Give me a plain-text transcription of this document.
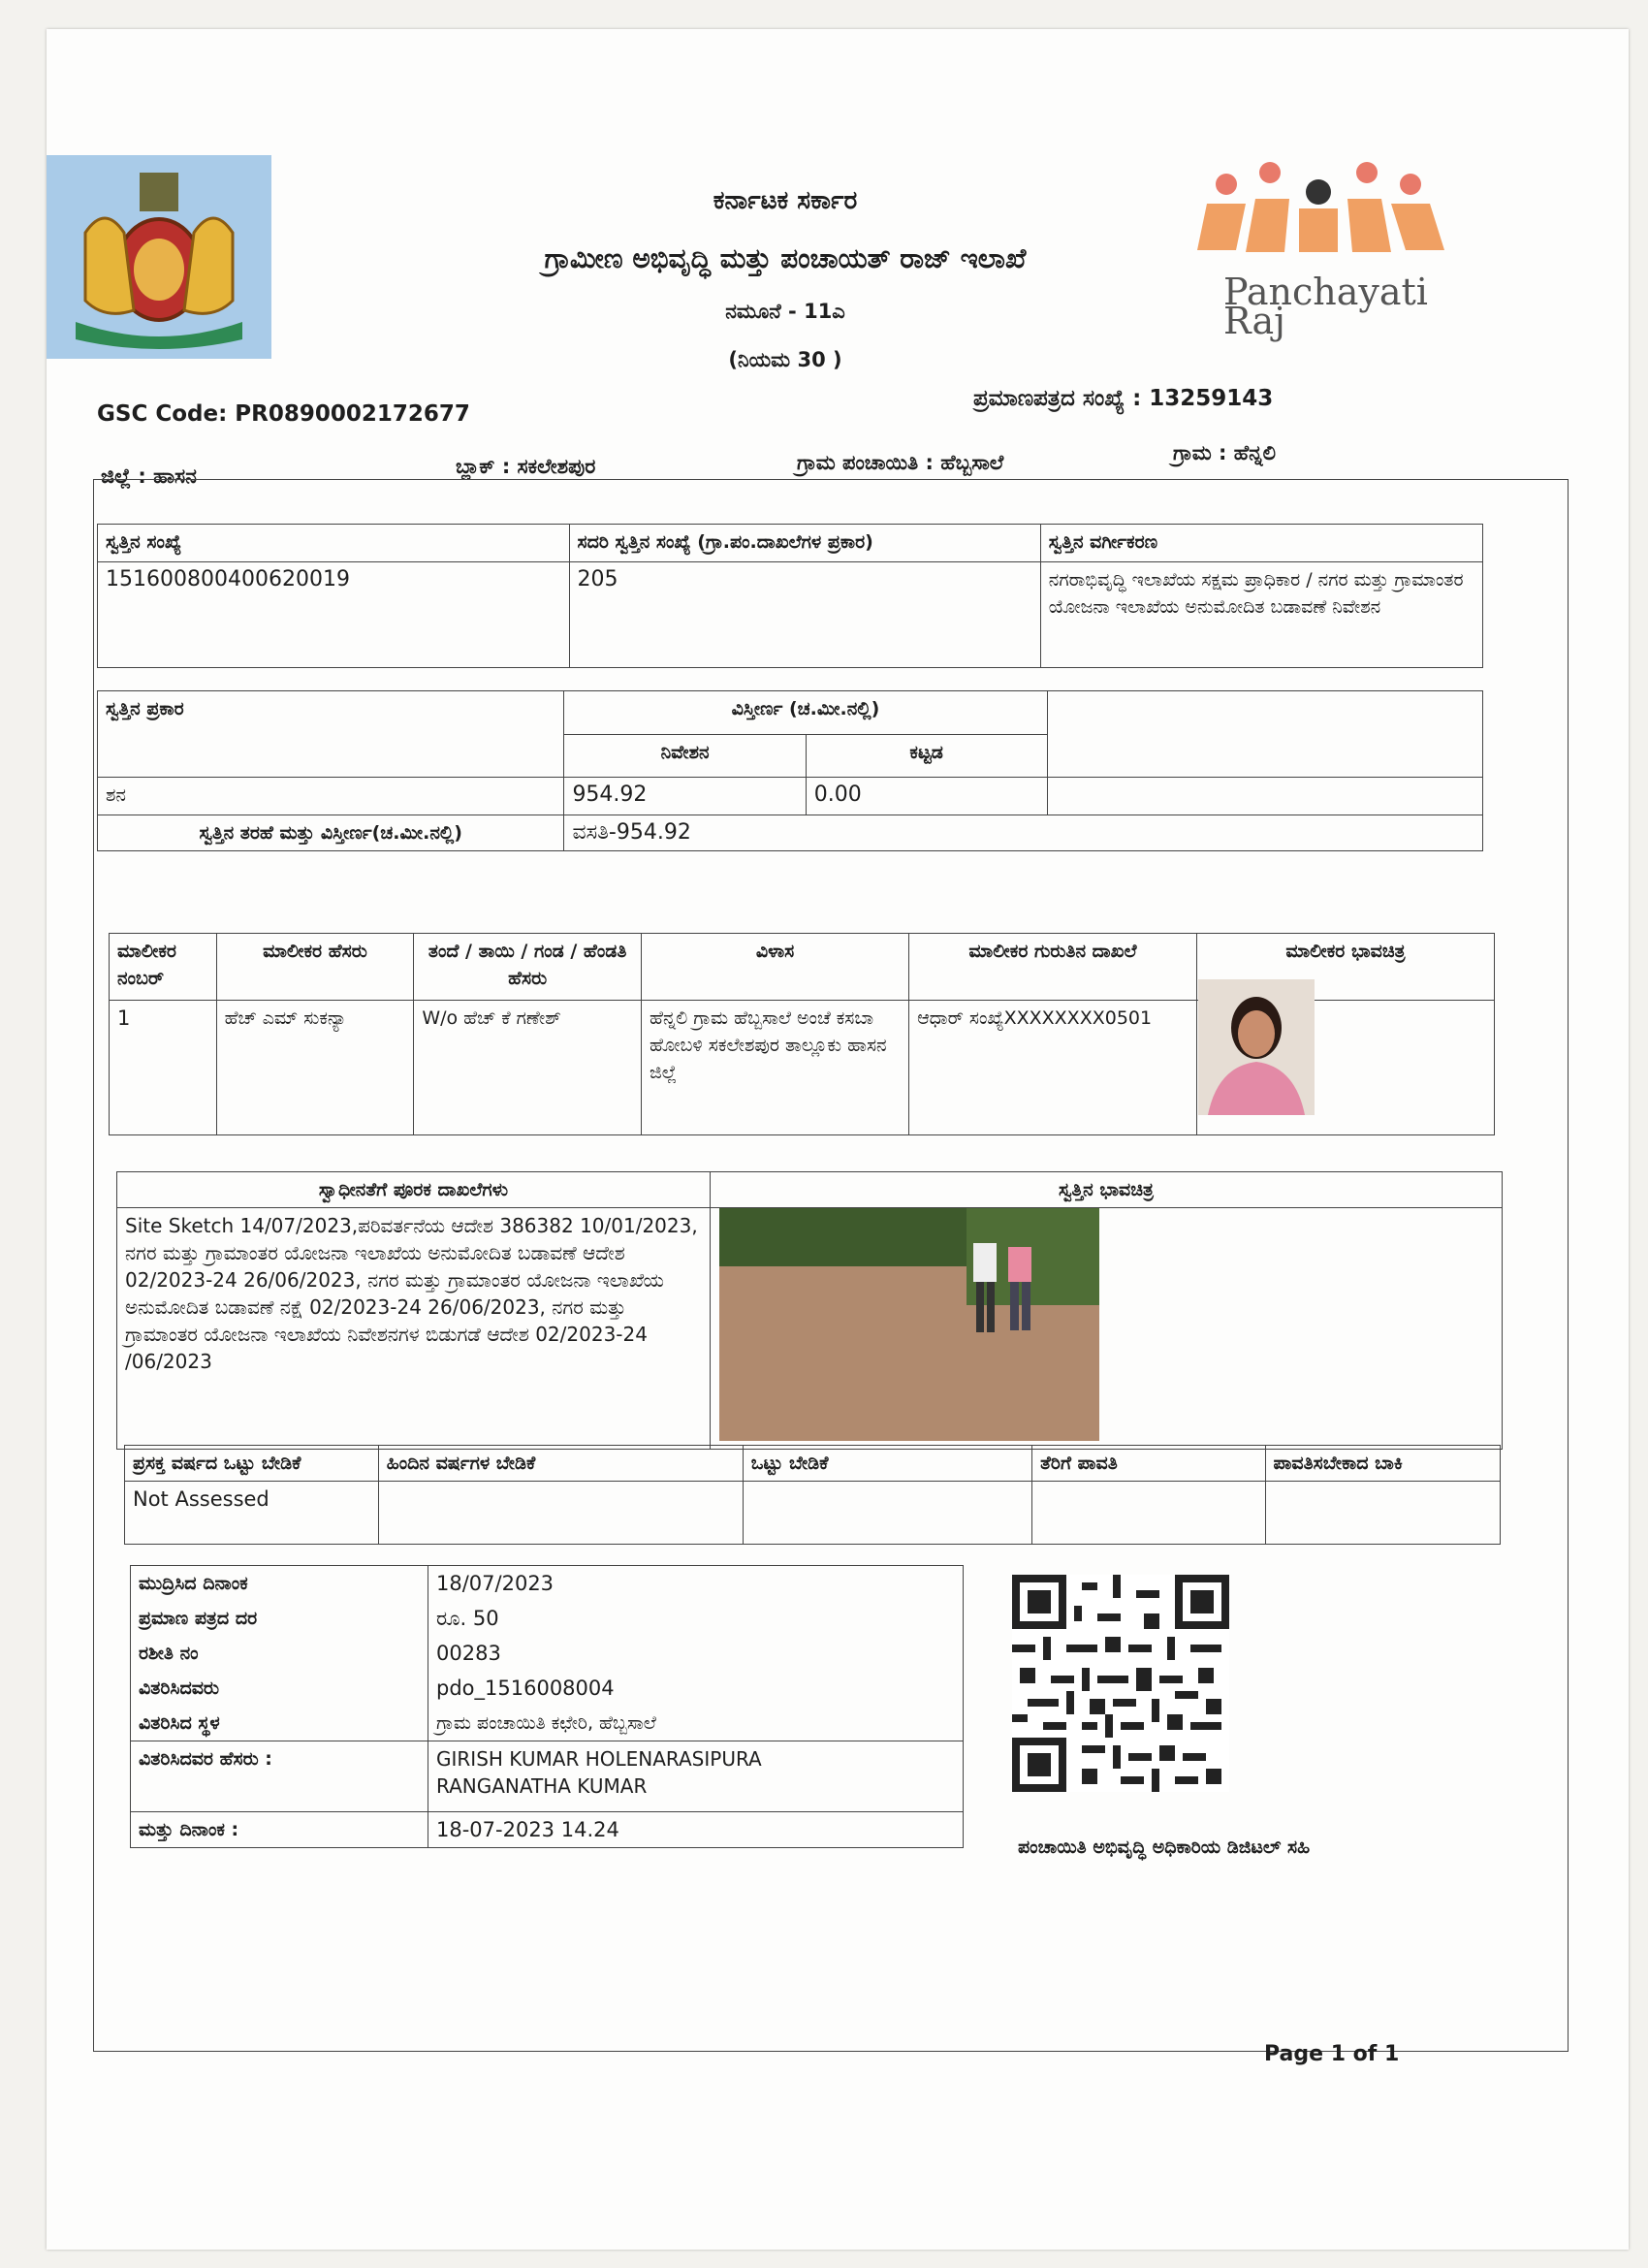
ಕರ್ನಾಟಕ ಸರ್ಕಾರ
ಗ್ರಾಮೀಣ ಅಭಿವೃದ್ಧಿ ಮತ್ತು ಪಂಚಾಯತ್ ರಾಜ್ ಇಲಾಖೆ
ನಮೂನೆ - 11ಎ
(ನಿಯಮ 30 )
Panchayati Raj
GSC Code: PR0890002172677
ಪ್ರಮಾಣಪತ್ರದ ಸಂಖ್ಯೆ : 13259143
ಜಿಲ್ಲೆ : ಹಾಸನ	ಬ್ಲಾಕ್ : ಸಕಲೇಶಪುರ	ಗ್ರಾಮ ಪಂಚಾಯಿತಿ : ಹೆಬ್ಬಸಾಲೆ	ಗ್ರಾಮ : ಹೆನ್ನಲಿ
ಸ್ವತ್ತಿನ ಸಂಖ್ಯೆ	ಸದರಿ ಸ್ವತ್ತಿನ ಸಂಖ್ಯೆ (ಗ್ರಾ.ಪಂ.ದಾಖಲೆಗಳ ಪ್ರಕಾರ)	ಸ್ವತ್ತಿನ ವರ್ಗೀಕರಣ
151600800400620019	205	ನಗರಾಭಿವೃದ್ಧಿ ಇಲಾಖೆಯ ಸಕ್ಷಮ ಪ್ರಾಧಿಕಾರ / ನಗರ ಮತ್ತು ಗ್ರಾಮಾಂತರ ಯೋಜನಾ ಇಲಾಖೆಯ ಅನುಮೋದಿತ ಬಡಾವಣೆ ನಿವೇಶನ
ಸ್ವತ್ತಿನ ಪ್ರಕಾರ	ವಿಸ್ತೀರ್ಣ (ಚ.ಮೀ.ನಲ್ಲಿ)		
	ನಿವೇಶನ	ಕಟ್ಟಡ	
ಶನ	954.92	0.00	
ಸ್ವತ್ತಿನ ತರಹೆ ಮತ್ತು ವಿಸ್ತೀರ್ಣ(ಚ.ಮೀ.ನಲ್ಲಿ)	ವಸತಿ-954.92		
ಮಾಲೀಕರ ನಂಬರ್	ಮಾಲೀಕರ ಹೆಸರು	ತಂದೆ / ತಾಯಿ / ಗಂಡ / ಹೆಂಡತಿ ಹೆಸರು	ವಿಳಾಸ	ಮಾಲೀಕರ ಗುರುತಿನ ದಾಖಲೆ	ಮಾಲೀಕರ ಭಾವಚಿತ್ರ
1	ಹೆಚ್ ಎಮ್ ಸುಕನ್ಯಾ	W/o ಹೆಚ್ ಕೆ ಗಣೇಶ್	ಹೆನ್ನಲಿ ಗ್ರಾಮ ಹೆಬ್ಬಸಾಲೆ ಅಂಚೆ ಕಸಬಾ ಹೋಬಳಿ ಸಕಲೇಶಪುರ ತಾಲ್ಲೂಕು ಹಾಸನ ಜಿಲ್ಲೆ	ಆಧಾರ್ ಸಂಖ್ಯೆXXXXXXXX0501	
ಸ್ವಾಧೀನತೆಗೆ ಪೂರಕ ದಾಖಲೆಗಳು	ಸ್ವತ್ತಿನ ಭಾವಚಿತ್ರ
Site Sketch 14/07/2023,ಪರಿವರ್ತನೆಯ ಆದೇಶ 386382 10/01/2023, ನಗರ ಮತ್ತು ಗ್ರಾಮಾಂತರ ಯೋಜನಾ ಇಲಾಖೆಯ ಅನುಮೋದಿತ ಬಡಾವಣೆ ಆದೇಶ 02/2023-24 26/06/2023, ನಗರ ಮತ್ತು ಗ್ರಾಮಾಂತರ ಯೋಜನಾ ಇಲಾಖೆಯ ಅನುಮೋದಿತ ಬಡಾವಣೆ ನಕ್ಷೆ 02/2023-24 26/06/2023, ನಗರ ಮತ್ತು ಗ್ರಾಮಾಂತರ ಯೋಜನಾ ಇಲಾಖೆಯ ನಿವೇಶನಗಳ ಬಿಡುಗಡೆ ಆದೇಶ 02/2023-24 /06/2023	
ಪ್ರಸಕ್ತ ವರ್ಷದ ಒಟ್ಟು ಬೇಡಿಕೆ	ಹಿಂದಿನ ವರ್ಷಗಳ ಬೇಡಿಕೆ	ಒಟ್ಟು ಬೇಡಿಕೆ	ತೆರಿಗೆ ಪಾವತಿ	ಪಾವತಿಸಬೇಕಾದ ಬಾಕಿ
Not Assessed				
ಮುದ್ರಿಸಿದ ದಿನಾಂಕ	18/07/2023
ಪ್ರಮಾಣ ಪತ್ರದ ದರ	ರೂ. 50
ರಶೀತಿ ನಂ	00283
ವಿತರಿಸಿದವರು	pdo_1516008004
ವಿತರಿಸಿದ ಸ್ಥಳ	ಗ್ರಾಮ ಪಂಚಾಯಿತಿ ಕಛೇರಿ, ಹೆಬ್ಬಸಾಲೆ
ವಿತರಿಸಿದವರ ಹೆಸರು :	GIRISH KUMAR HOLENARASIPURA
RANGANATHA KUMAR

ಮತ್ತು ದಿನಾಂಕ :	18-07-2023 14.24
ಪಂಚಾಯಿತಿ ಅಭಿವೃದ್ಧಿ ಅಧಿಕಾರಿಯ ಡಿಜಿಟಲ್ ಸಹಿ
Page 1 of 1
